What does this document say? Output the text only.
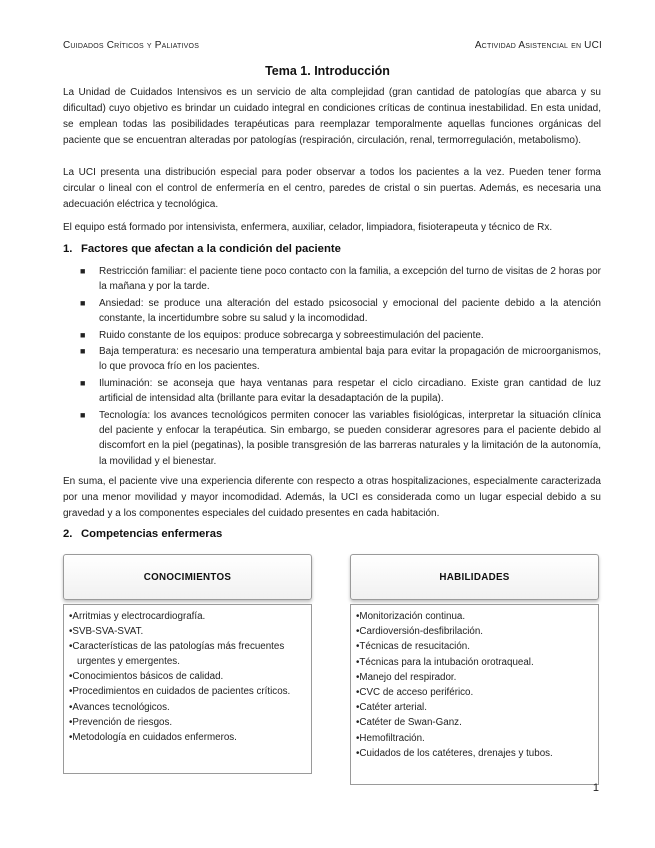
Cuidados Críticos y Paliativos	Actividad Asistencial en UCI
Tema 1. Introducción

La Unidad de Cuidados Intensivos es un servicio de alta complejidad (gran cantidad de patologías que abarca y su dificultad) cuyo objetivo es brindar un cuidado integral en condiciones críticas de continua inestabilidad. En esta unidad, se emplean todas las posibilidades terapéuticas para reemplazar temporalmente aquellas funciones orgánicas del paciente que se encuentran alteradas por patologías (respiración, circulación, renal, termorregulación, metabolismo).

La UCI presenta una distribución especial para poder observar a todos los pacientes a la vez. Pueden tener forma circular o lineal con el control de enfermería en el centro, paredes de cristal o sin puertas. Además, es necesaria una adecuación eléctrica y tecnológica.

El equipo está formado por intensivista, enfermera, auxiliar, celador, limpiadora, fisioterapeuta y técnico de Rx.

1. Factores que afectan a la condición del paciente
■ Restricción familiar: el paciente tiene poco contacto con la familia, a excepción del turno de visitas de 2 horas por la mañana y por la tarde.
■ Ansiedad: se produce una alteración del estado psicosocial y emocional del paciente debido a la atención constante, la incertidumbre sobre su salud y la incomodidad.
■ Ruido constante de los equipos: produce sobrecarga y sobreestimulación del paciente.
■ Baja temperatura: es necesario una temperatura ambiental baja para evitar la propagación de microorganismos, lo que provoca frío en los pacientes.
■ Iluminación: se aconseja que haya ventanas para respetar el ciclo circadiano. Existe gran cantidad de luz artificial de intensidad alta (brillante para evitar la desadaptación de la pupila).
■ Tecnología: los avances tecnológicos permiten conocer las variables fisiológicas, interpretar la situación clínica del paciente y enfocar la terapéutica. Sin embargo, se pueden considerar agresores para el paciente debido al discomfort en la piel (pegatinas), la posible transgresión de las barreras naturales y la limitación de la autonomía, la movilidad y el bienestar.

En suma, el paciente vive una experiencia diferente con respecto a otras hospitalizaciones, especialmente caracterizada por una menor movilidad y mayor incomodidad. Además, la UCI es considerada como un lugar especial debido a su gravedad y a los componentes especiales del cuidado presentes en cada habitación.

2. Competencias enfermeras
CONOCIMIENTOS
•Arritmias y electrocardiografía.
•SVB-SVA-SVAT.
•Características de las patologías más frecuentes urgentes y emergentes.
•Conocimientos básicos de calidad.
•Procedimientos en cuidados de pacientes críticos.
•Avances tecnológicos.
•Prevención de riesgos.
•Metodología en cuidados enfermeros.
HABILIDADES
•Monitorización continua.
•Cardioversión-desfibrilación.
•Técnicas de resucitación.
•Técnicas para la intubación orotraqueal.
•Manejo del respirador.
•CVC de acceso periférico.
•Catéter arterial.
•Catéter de Swan-Ganz.
•Hemofiltración.
•Cuidados de los catéteres, drenajes y tubos.
1
